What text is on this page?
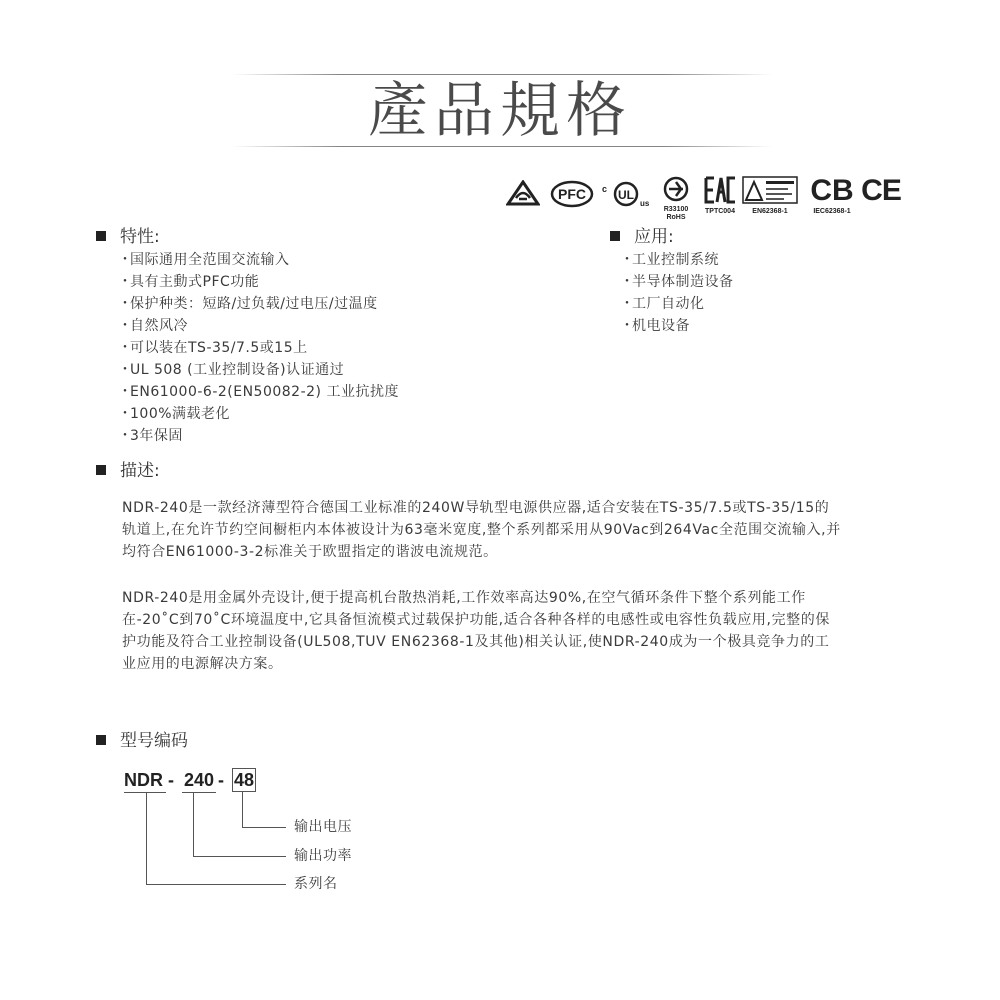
產品規格
PFC c UL
us
R33100
RoHS
TPTC004	EN62368-1
CB
IEC62368-1
CE
特性:
・国际通用全范围交流输入
・具有主動式PFC功能
・保护种类：短路/过负载/过电压/过温度
・自然风冷
・可以装在TS-35/7.5或15上
・UL 508 (工业控制设备)认证通过
・EN61000-6-2(EN50082-2) 工业抗扰度
・100%满载老化
・3年保固
应用:
・工业控制系统
・半导体制造设备
・工厂自动化
・机电设备
描述:

NDR-240是一款经济薄型符合德国工业标准的240W导轨型电源供应器,适合安装在TS-35/7.5或TS-35/15的轨道上,在允许节约空间橱柜内本体被设计为63毫米宽度,整个系列都采用从90Vac到264Vac全范围交流输入,并均符合EN61000-3-2标准关于欧盟指定的谐波电流规范。

NDR-240是用金属外壳设计,便于提高机台散热消耗,工作效率高达90%,在空气循环条件下整个系列能工作在-20˚C到70˚C环境温度中,它具备恒流模式过载保护功能,适合各种各样的电感性或电容性负载应用,完整的保护功能及符合工业控制设备(UL508,TUV EN62368-1及其他)相关认证,使NDR-240成为一个极具竞争力的工业应用的电源解决方案。

型号编码
NDR - 240 - 48
输出电压
输出功率
系列名
